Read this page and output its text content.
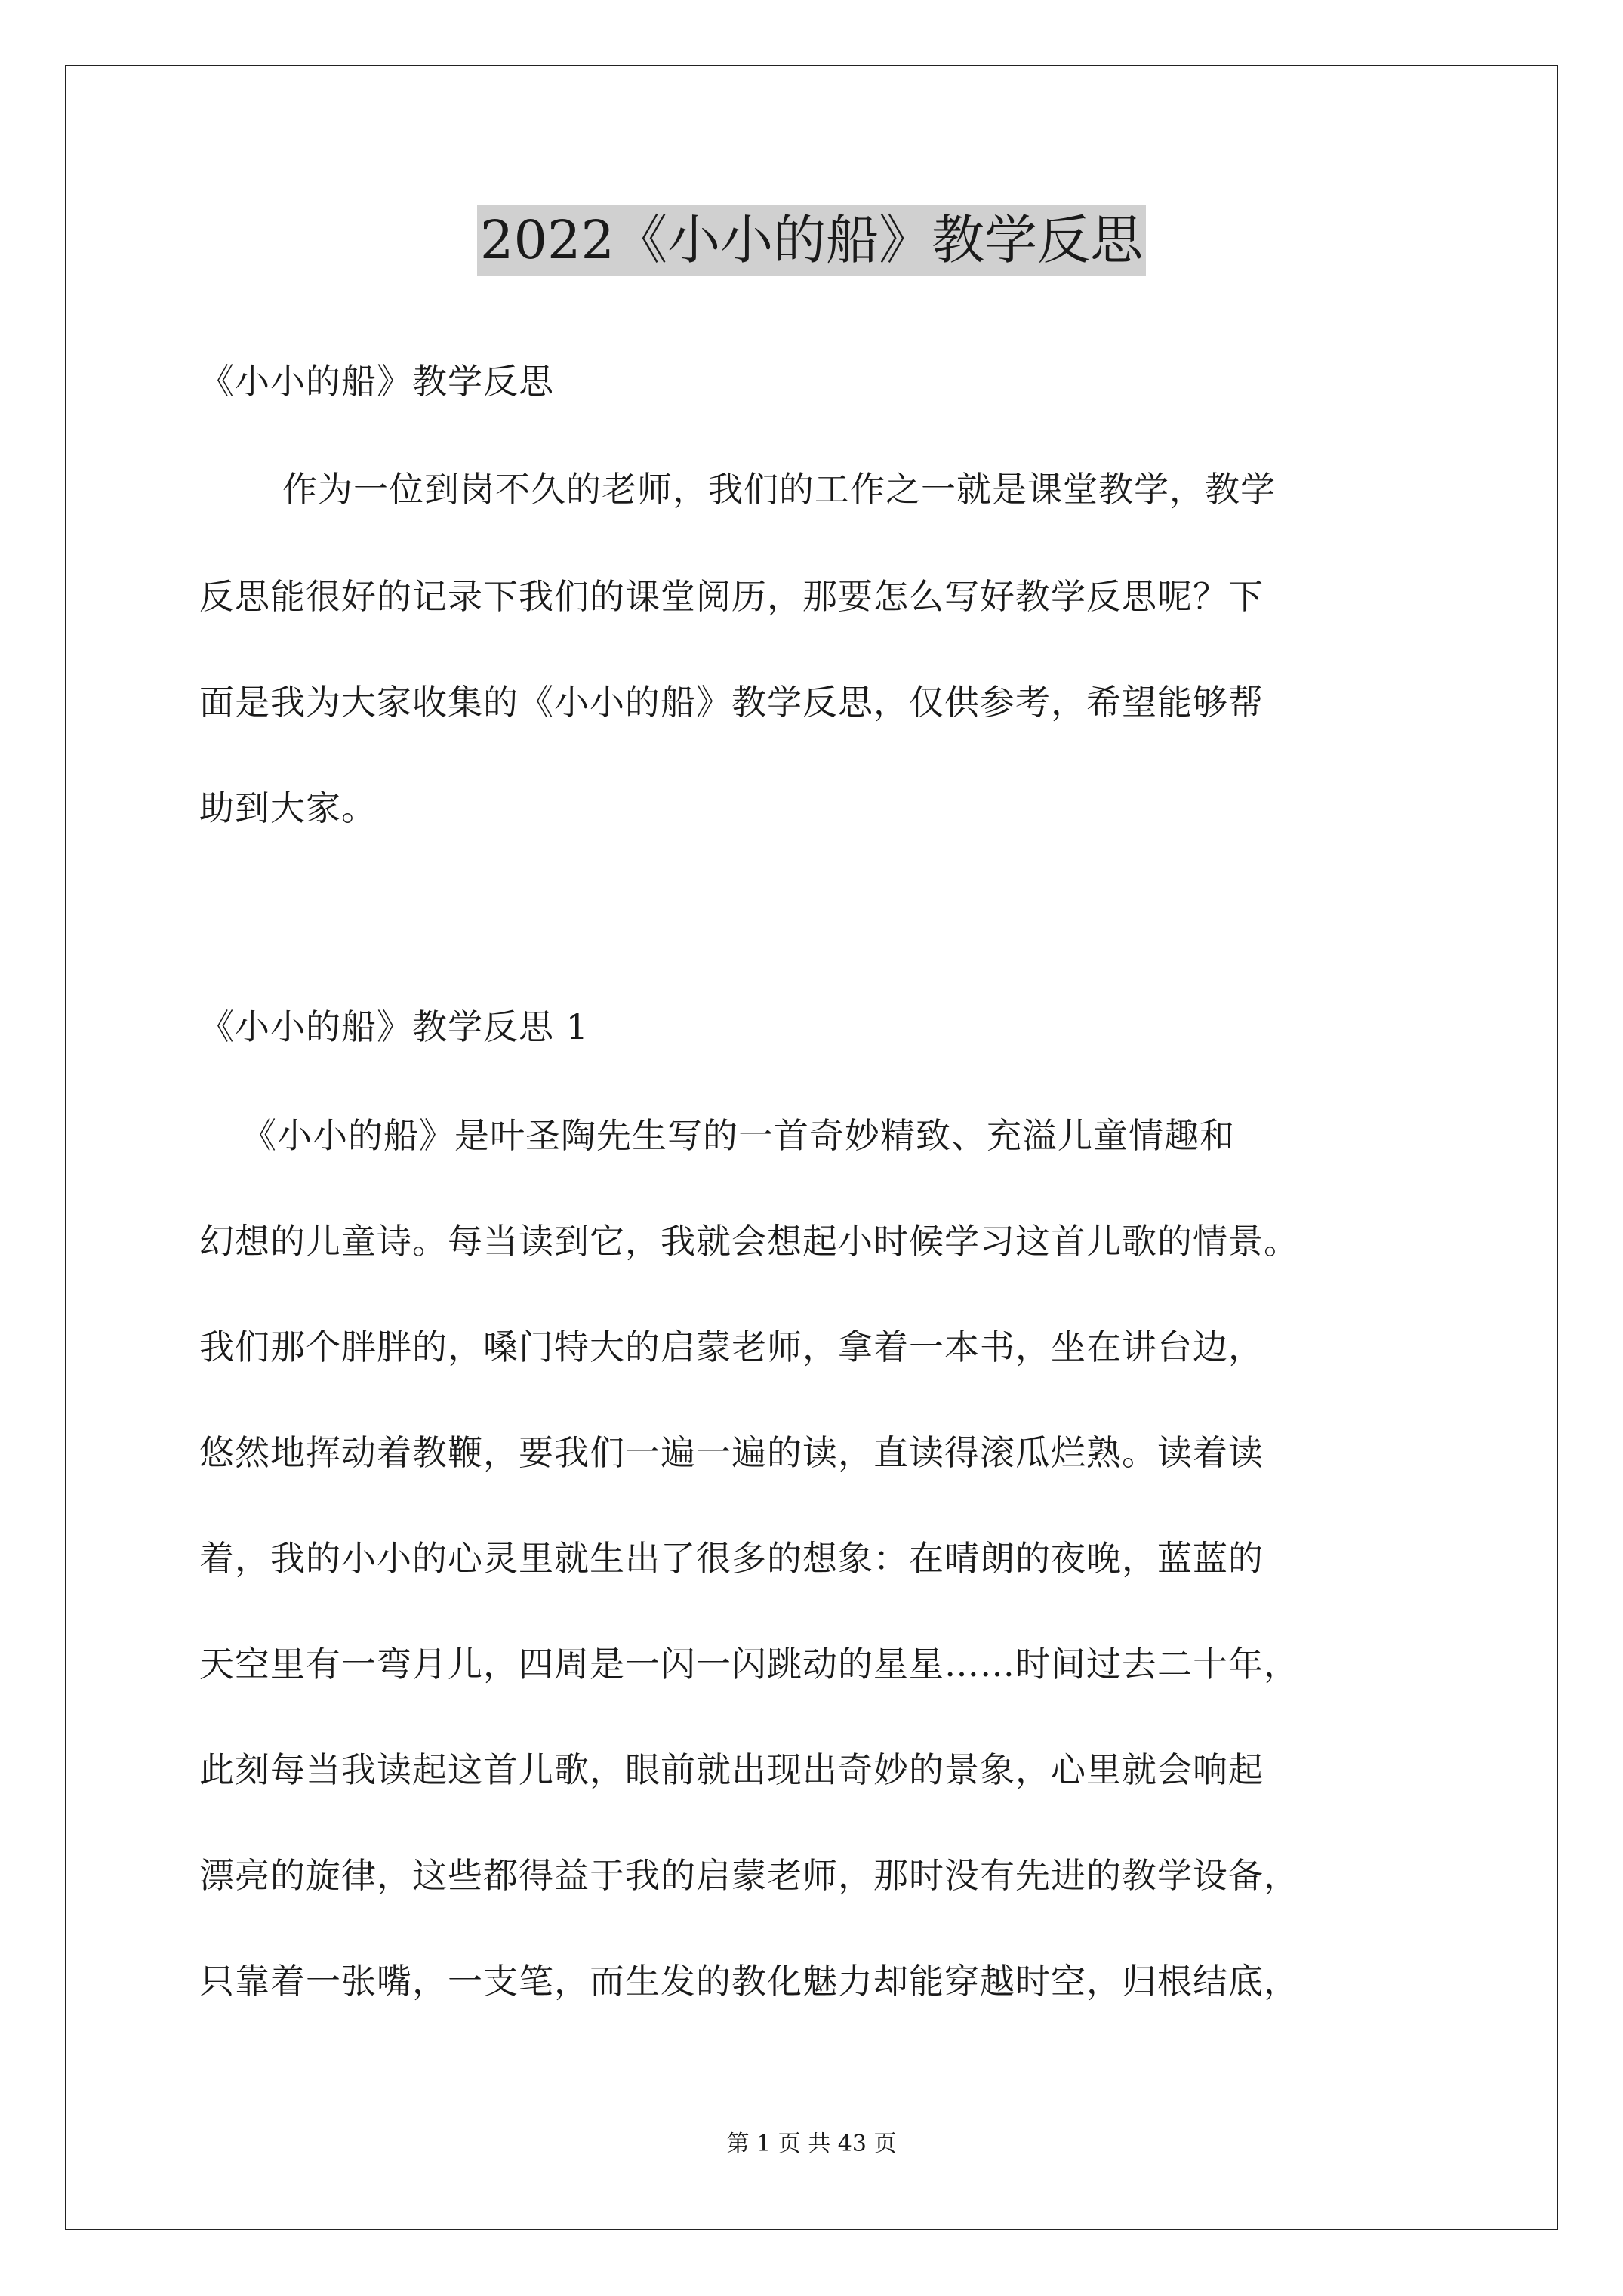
2022《小小的船》教学反思
《小小的船》教学反思
作为一位到岗不久的老师，我们的工作之一就是课堂教学，教学
反思能很好的记录下我们的课堂阅历，那要怎么写好教学反思呢？下
面是我为大家收集的《小小的船》教学反思，仅供参考，希望能够帮
助到大家。
《小小的船》教学反思 1
《小小的船》是叶圣陶先生写的一首奇妙精致、充溢儿童情趣和
幻想的儿童诗。每当读到它，我就会想起小时候学习这首儿歌的情景。
我们那个胖胖的，嗓门特大的启蒙老师，拿着一本书，坐在讲台边，
悠然地挥动着教鞭，要我们一遍一遍的读，直读得滚瓜烂熟。读着读
着，我的小小的心灵里就生出了很多的想象：在晴朗的夜晚，蓝蓝的
天空里有一弯月儿，四周是一闪一闪跳动的星星……时间过去二十年，
此刻每当我读起这首儿歌，眼前就出现出奇妙的景象，心里就会响起
漂亮的旋律，这些都得益于我的启蒙老师，那时没有先进的教学设备，
只靠着一张嘴，一支笔，而生发的教化魅力却能穿越时空，归根结底，
第 1 页 共 43 页
